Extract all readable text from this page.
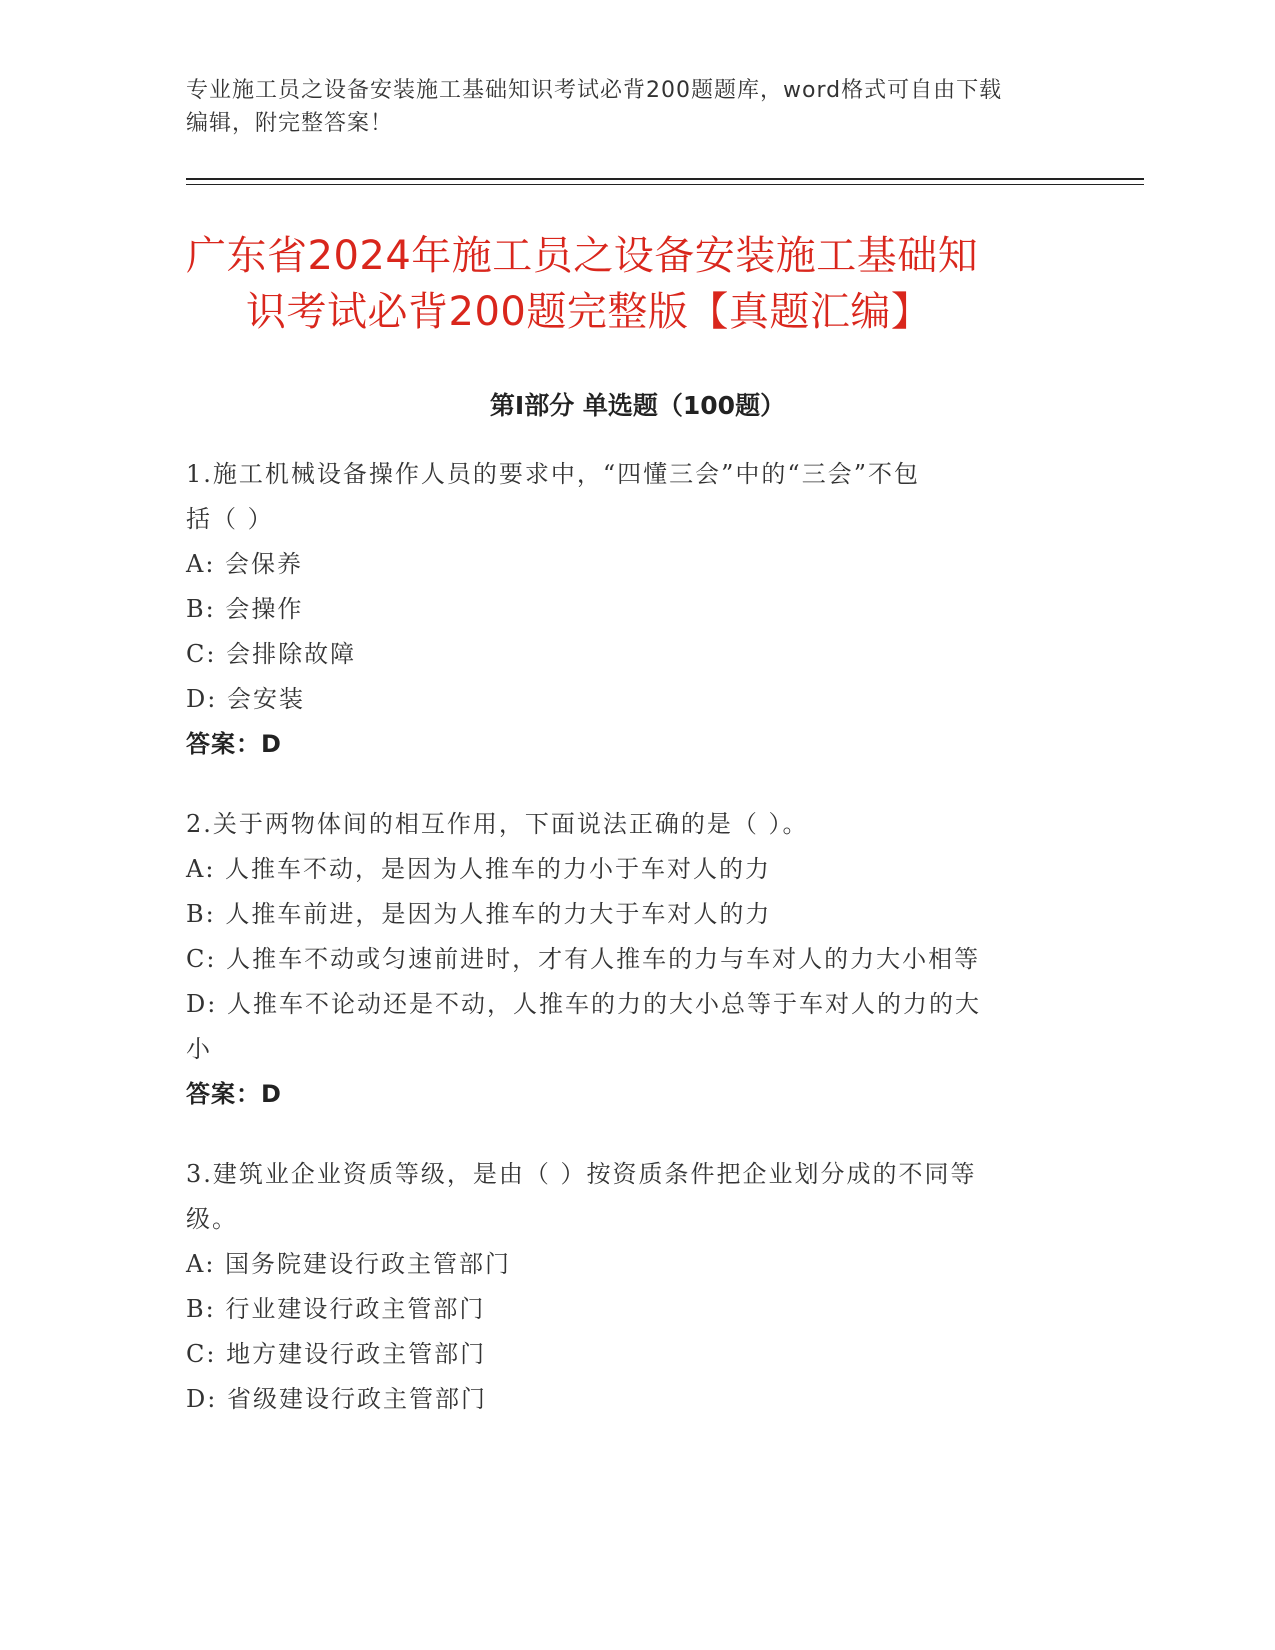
专业施工员之设备安装施工基础知识考试必背200题题库，word格式可自由下载
编辑，附完整答案！
广东省2024年施工员之设备安装施工基础知
识考试必背200题完整版【真题汇编】
第Ⅰ部分 单选题（100题）
1.施工机械设备操作人员的要求中，“四懂三会”中的“三会”不包
括（ ）
A: 会保养
B: 会操作
C: 会排除故障
D: 会安装
答案：D
2.关于两物体间的相互作用，下面说法正确的是（ ）。
A: 人推车不动，是因为人推车的力小于车对人的力
B: 人推车前进，是因为人推车的力大于车对人的力
C: 人推车不动或匀速前进时，才有人推车的力与车对人的力大小相等
D: 人推车不论动还是不动，人推车的力的大小总等于车对人的力的大
小
答案：D
3.建筑业企业资质等级，是由（ ）按资质条件把企业划分成的不同等
级。
A: 国务院建设行政主管部门
B: 行业建设行政主管部门
C: 地方建设行政主管部门
D: 省级建设行政主管部门
